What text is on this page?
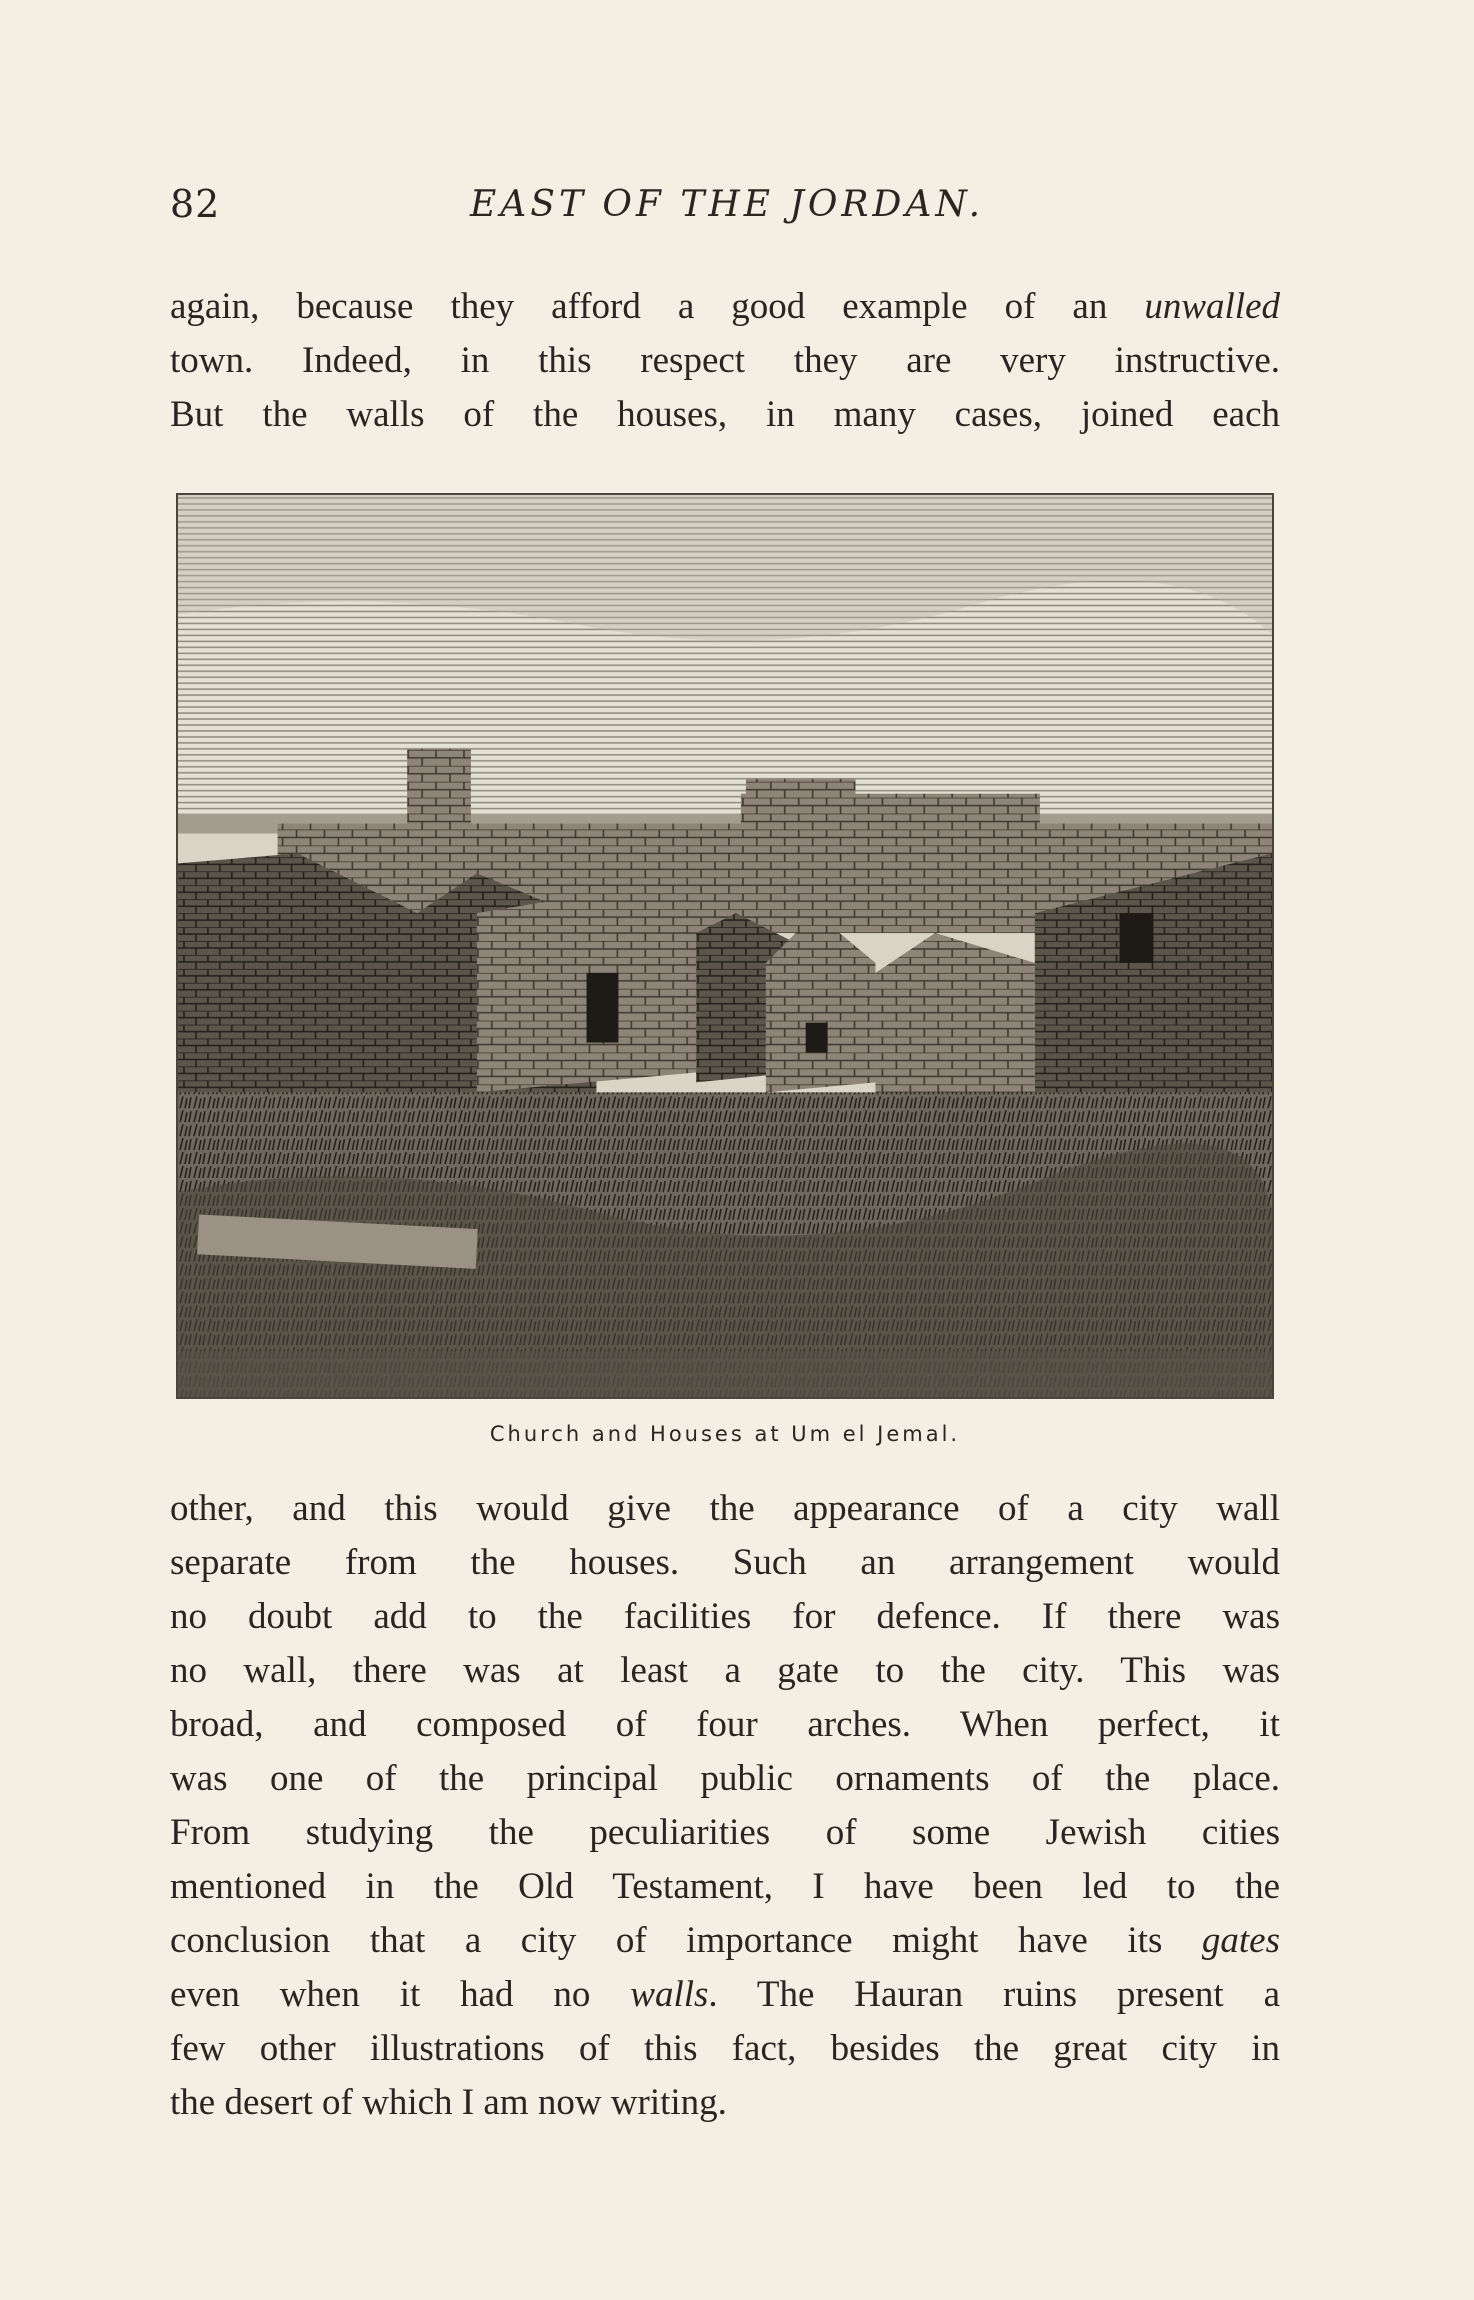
82	EAST OF THE JORDAN.
again, because they afford a good example of an unwalled
town. Indeed, in this respect they are very instructive.
But the walls of the houses, in many cases, joined each
Church and Houses at Um el Jemal.
other, and this would give the appearance of a city wall
separate from the houses. Such an arrangement would
no doubt add to the facilities for defence. If there was
no wall, there was at least a gate to the city. This was
broad, and composed of four arches. When perfect, it
was one of the principal public ornaments of the place.
From studying the peculiarities of some Jewish cities
mentioned in the Old Testament, I have been led to the
conclusion that a city of importance might have its gates
even when it had no walls. The Hauran ruins present a
few other illustrations of this fact, besides the great city in
the desert of which I am now writing.
